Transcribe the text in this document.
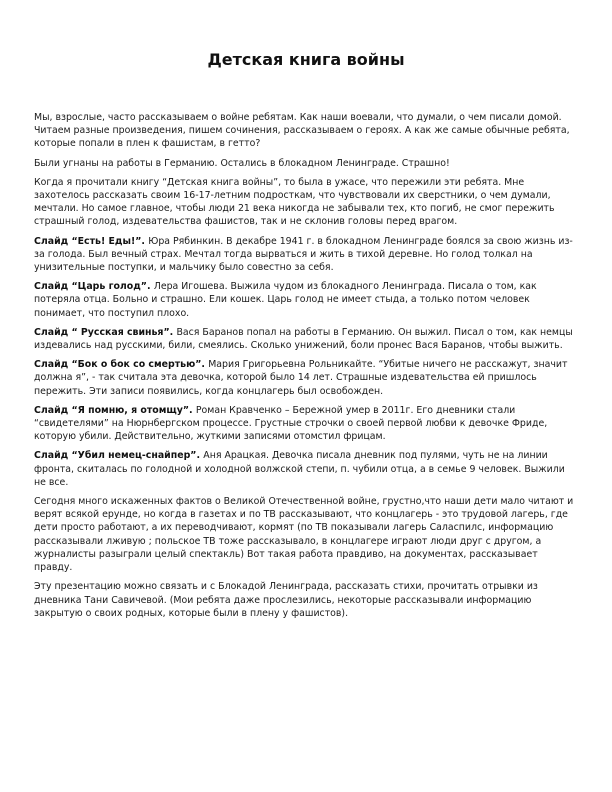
Детская книга войны

Мы, взрослые, часто рассказываем о войне ребятам. Как наши воевали, что думали, о чем писали домой. Читаем разные произведения, пишем сочинения, рассказываем о героях. А как же самые обычные ребята, которые попали в плен к фашистам, в гетто?

Были угнаны на работы в Германию. Остались в блокадном Ленинграде. Страшно!

Когда я прочитали книгу “Детская книга войны”, то была в ужасе, что пережили эти ребята. Мне захотелось рассказать своим 16-17-летним подросткам, что чувствовали их сверстники, о чем думали, мечтали. Но самое главное, чтобы люди 21 века никогда не забывали тех, кто погиб, не смог пережить страшный голод, издевательства фашистов, так и не склонив головы перед врагом.

Слайд “Есть! Еды!”. Юра Рябинкин. В декабре 1941 г. в блокадном Ленинграде боялся за свою жизнь из-за голода. Был вечный страх. Мечтал тогда вырваться и жить в тихой деревне. Но голод толкал на унизительные поступки, и мальчику было совестно за себя.

Слайд “Царь голод”. Лера Игошева. Выжила чудом из блокадного Ленинграда. Писала о том, как потеряла отца. Больно и страшно. Ели кошек. Царь голод не имеет стыда, а только потом человек понимает, что поступил плохо.

Слайд “ Русская свинья”. Вася Баранов попал на работы в Германию. Он выжил. Писал о том, как немцы издевались над русскими, били, смеялись. Сколько унижений, боли пронес Вася Баранов, чтобы выжить.

Слайд “Бок о бок со смертью”. Мария Григорьевна Рольникайте. “Убитые ничего не расскажут, значит должна я”, - так считала эта девочка, которой было 14 лет. Страшные издевательства ей пришлось пережить. Эти записи появились, когда концлагерь был освобожден.

Слайд “Я помню, я отомщу”. Роман Кравченко – Бережной умер в 2011г. Его дневники стали “свидетелями” на Нюрнбергском процессе. Грустные строчки о своей первой любви к девочке Фриде, которую убили. Действительно, жуткими записями отомстил фрицам.

Слайд “Убил немец-снайпер”. Аня Арацкая. Девочка писала дневник под пулями, чуть не на линии фронта, скиталась по голодной и холодной волжской степи, п. чубили отца, а в семье 9 человек. Выжили не все.

Сегодня много искаженных фактов о Великой Отечественной войне, грустно,что наши дети мало читают и верят всякой ерунде, но когда в газетах и по ТВ рассказывают, что концлагерь - это трудовой лагерь, где дети просто работают, а их переводчивают, кормят (по ТВ показывали лагерь Саласпилс, информацию рассказывали лживую ; польское ТВ тоже рассказывало, в концлагере играют люди друг с другом, а журналисты разыграли целый спектакль) Вот такая работа правдиво, на документах, рассказывает правду.

Эту презентацию можно связать и с Блокадой Ленинграда, рассказать стихи, прочитать отрывки из дневника Тани Савичевой. (Мои ребята даже прослезились, некоторые рассказывали информацию закрытую о своих родных, которые были в плену у фашистов).
